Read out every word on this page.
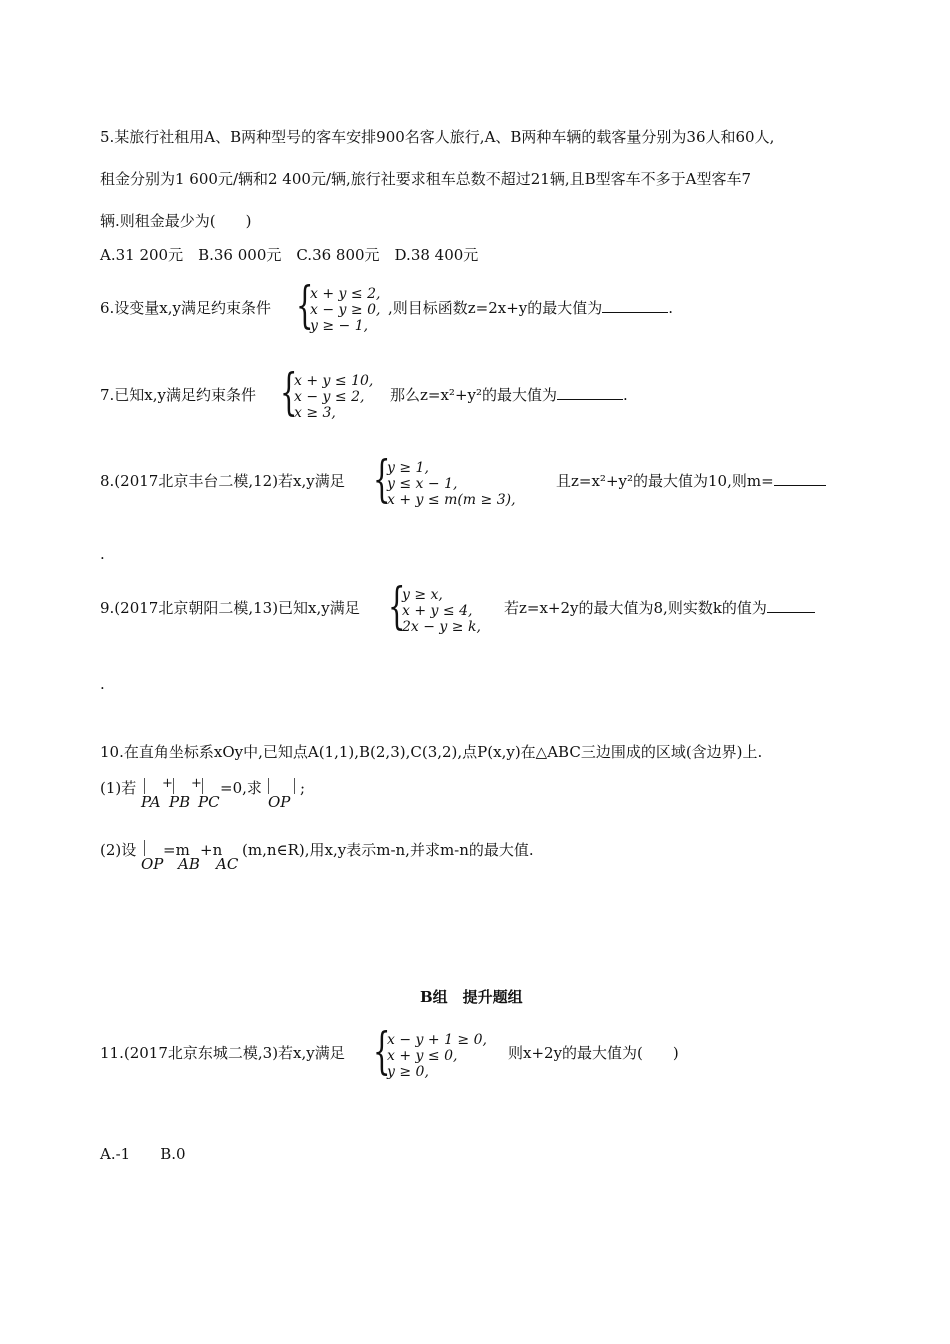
5.某旅行社租用A、B两种型号的客车安排900名客人旅行,A、B两种车辆的载客量分别为36人和60人,
租金分别为1 600元/辆和2 400元/辆,旅行社要求租车总数不超过21辆,且B型客车不多于A型客车7
辆.则租金最少为(　　)
A.31 200元　B.36 000元　C.36 800元　D.38 400元
6.设变量x,y满足约束条件 {
x + y ≤ 2,
x − y ≥ 0,
y ≥ − 1,
,则目标函数z=2x+y的最大值为	.
7.已知x,y满足约束条件 {
x + y ≤ 10,
x − y ≤ 2,
x ≥ 3,
那么z=x²+y²的最大值为	.
8.(2017北京丰台二模,12)若x,y满足 {
y ≥ 1,
y ≤ x − 1,
x + y ≤ m(m ≥ 3),
且z=x²+y²的最大值为10,则m=
.
9.(2017北京朝阳二模,13)已知x,y满足 {
y ≥ x,
x + y ≤ 4,
2x − y ≥ k,
若z=x+2y的最大值为8,则实数k的值为
.
10.在直角坐标系xOy中,已知点A(1,1),B(2,3),C(3,2),点P(x,y)在△ABC三边围成的区域(含边界)上.
(1)若
PA
+
PB
+
PC
=0,求
OP
;
(2)设
OP
=m
AB
+n
AC
(m,n∈R),用x,y表示m-n,并求m-n的最大值.
B组　提升题组
11.(2017北京东城二模,3)若x,y满足 {
x − y + 1 ≥ 0,
x + y ≤ 0,
y ≥ 0,
则x+2y的最大值为(　　)
A.-1　　B.0
